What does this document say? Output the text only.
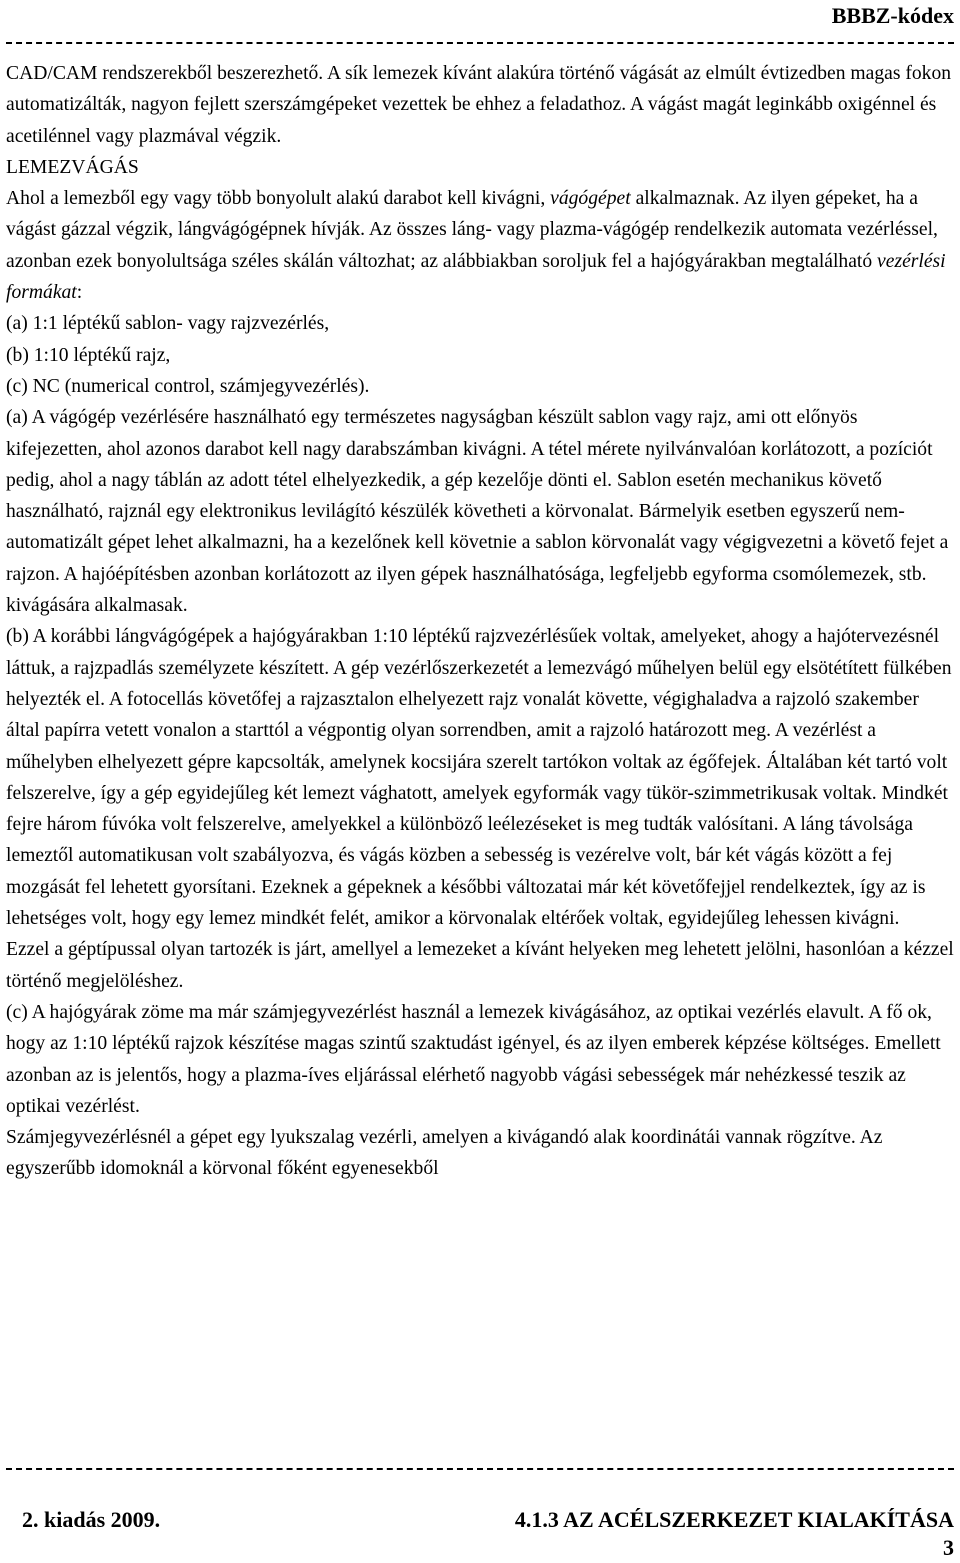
BBBZ-kódex

CAD/CAM rendszerekből beszerezhető. A sík lemezek kívánt alakúra történő vágását az elmúlt évtizedben magas fokon automatizálták, nagyon fejlett szerszámgépeket vezettek be ehhez a feladathoz. A vágást magát leginkább oxigénnel és acetilénnel vagy plazmával végzik.

LEMEZVÁGÁS

Ahol a lemezből egy vagy több bonyolult alakú darabot kell kivágni, vágógépet alkalmaznak. Az ilyen gépeket, ha a vágást gázzal végzik, lángvágógépnek hívják. Az összes láng- vagy plazma-vágógép rendelkezik automata vezérléssel, azonban ezek bonyolultsága széles skálán változhat; az alábbiakban soroljuk fel a hajógyárakban megtalálható vezérlési formákat:

(a) 1:1 léptékű sablon- vagy rajzvezérlés,

(b) 1:10 léptékű rajz,

(c) NC (numerical control, számjegyvezérlés).

(a) A vágógép vezérlésére használható egy természetes nagyságban készült sablon vagy rajz, ami ott előnyös kifejezetten, ahol azonos darabot kell nagy darabszámban kivágni. A tétel mérete nyilvánvalóan korlátozott, a pozíciót pedig, ahol a nagy táblán az adott tétel elhelyezkedik, a gép kezelője dönti el. Sablon esetén mechanikus követő használható, rajznál egy elektronikus levilágító készülék követheti a körvonalat. Bármelyik esetben egyszerű nem-automatizált gépet lehet alkalmazni, ha a kezelőnek kell követnie a sablon körvonalát vagy végigvezetni a követő fejet a rajzon. A hajóépítésben azonban korlátozott az ilyen gépek használhatósága, legfeljebb egyforma csomólemezek, stb. kivágására alkalmasak.

(b) A korábbi lángvágógépek a hajógyárakban 1:10 léptékű rajzvezérlésűek voltak, amelyeket, ahogy a hajótervezésnél láttuk, a rajzpadlás személyzete készített. A gép vezérlőszerkezetét a lemezvágó műhelyen belül egy elsötétített fülkében helyezték el. A fotocellás követőfej a rajzasztalon elhelyezett rajz vonalát követte, végighaladva a rajzoló szakember által papírra vetett vonalon a starttól a végpontig olyan sorrendben, amit a rajzoló határozott meg. A vezérlést a műhelyben elhelyezett gépre kapcsolták, amelynek kocsijára szerelt tartókon voltak az égőfejek. Általában két tartó volt felszerelve, így a gép egyidejűleg két lemezt vághatott, amelyek egyformák vagy tükör-szimmetrikusak voltak. Mindkét fejre három fúvóka volt felszerelve, amelyekkel a különböző leélezéseket is meg tudták valósítani. A láng távolsága lemeztől automatikusan volt szabályozva, és vágás közben a sebesség is vezérelve volt, bár két vágás között a fej mozgását fel lehetett gyorsítani. Ezeknek a gépeknek a későbbi változatai már két követőfejjel rendelkeztek, így az is lehetséges volt, hogy egy lemez mindkét felét, amikor a körvonalak eltérőek voltak, egyidejűleg lehessen kivágni.

Ezzel a géptípussal olyan tartozék is járt, amellyel a lemezeket a kívánt helyeken meg lehetett jelölni, hasonlóan a kézzel történő megjelöléshez.

(c) A hajógyárak zöme ma már számjegyvezérlést használ a lemezek kivágásához, az optikai vezérlés elavult. A fő ok, hogy az 1:10 léptékű rajzok készítése magas szintű szaktudást igényel, és az ilyen emberek képzése költséges. Emellett azonban az is jelentős, hogy a plazma-íves eljárással elérhető nagyobb vágási sebességek már nehézkessé teszik az optikai vezérlést.

Számjegyvezérlésnél a gépet egy lyukszalag vezérli, amelyen a kivágandó alak koordinátái vannak rögzítve. Az egyszerűbb idomoknál a körvonal főként egyenesekből

2. kiadás 2009.	4.1.3 AZ ACÉLSZERKEZET KIALAKÍTÁSA
3
